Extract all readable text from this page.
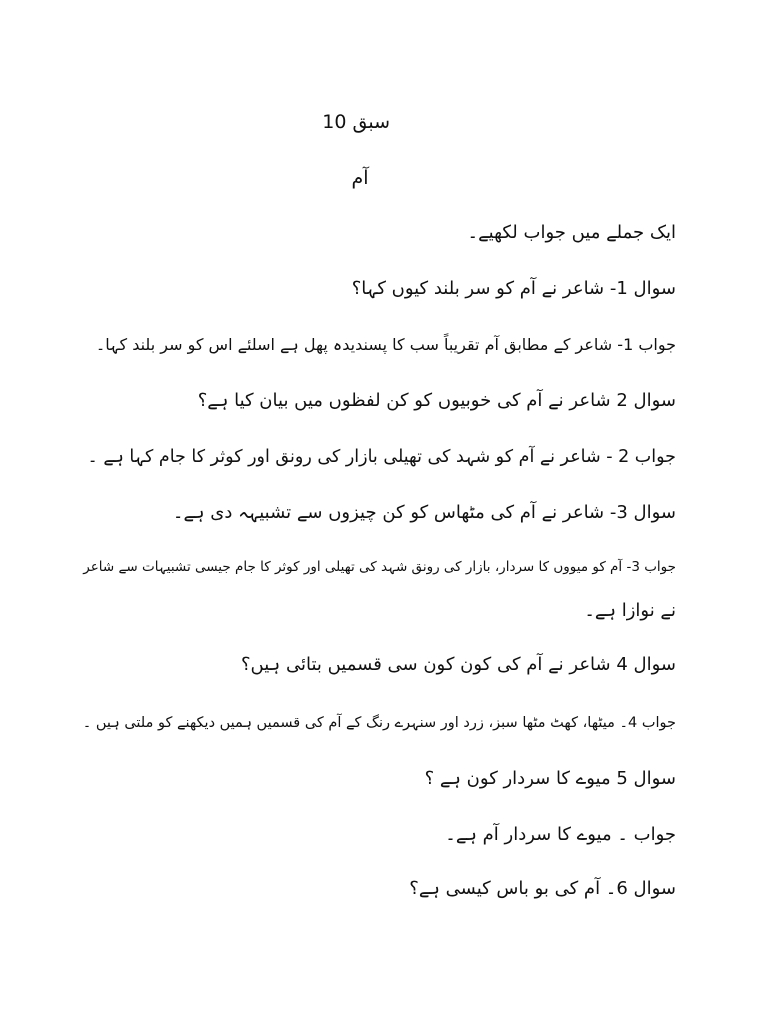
سبق 10
آم
ایک جملے میں جواب لکھیے۔
سوال 1- شاعر نے آم کو سر بلند کیوں کہا؟
جواب 1- شاعر کے مطابق آم تقریباً سب کا پسندیدہ پھل ہے اسلئے اس کو سر بلند کہا۔
سوال 2 شاعر نے آم کی خوبیوں کو کن لفظوں میں بیان کیا ہے؟
جواب 2 - شاعر نے آم کو شہد کی تھیلی بازار کی رونق اور کوثر کا جام کہا ہے ۔
سوال 3- شاعر نے آم کی مٹھاس کو کن چیزوں سے تشبیہہ دی ہے۔
جواب 3- آم کو میووں کا سردار، بازار کی رونق شہد کی تھیلی اور کوثر کا جام جیسی تشبیہات سے شاعر
نے نوازا ہے۔
سوال 4 شاعر نے آم کی کون کون سی قسمیں بتائی ہیں؟
جواب 4۔ میٹھا، کھٹ مٹھا سبز، زرد اور سنہرے رنگ کے آم کی قسمیں ہمیں دیکھنے کو ملتی ہیں ۔
سوال 5 میوے کا سردار کون ہے ؟
جواب ۔ میوے کا سردار آم ہے۔
سوال 6۔ آم کی بو باس کیسی ہے؟
